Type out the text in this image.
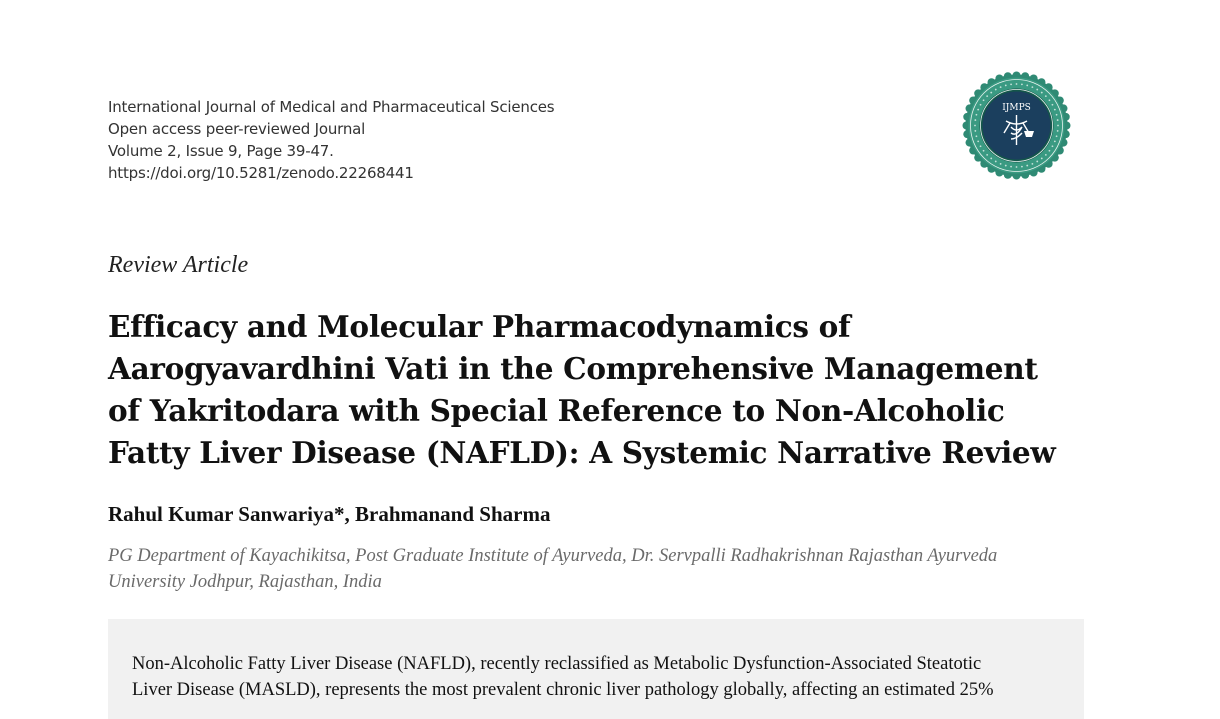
International Journal of Medical and Pharmaceutical Sciences
Open access peer-reviewed Journal
Volume 2, Issue 9, Page 39-47.
https://doi.org/10.5281/zenodo.22268441
IJMPS
Review Article
Efficacy and Molecular Pharmacodynamics of
Aarogyavardhini Vati in the Comprehensive Management
of Yakritodara with Special Reference to Non-Alcoholic
Fatty Liver Disease (NAFLD): A Systemic Narrative Review
Rahul Kumar Sanwariya*, Brahmanand Sharma
PG Department of Kayachikitsa, Post Graduate Institute of Ayurveda, Dr. Servpalli Radhakrishnan Rajasthan Ayurveda
University Jodhpur, Rajasthan, India
Non-Alcoholic Fatty Liver Disease (NAFLD), recently reclassified as Metabolic Dysfunction-Associated Steatotic
Liver Disease (MASLD), represents the most prevalent chronic liver pathology globally, affecting an estimated 25%
